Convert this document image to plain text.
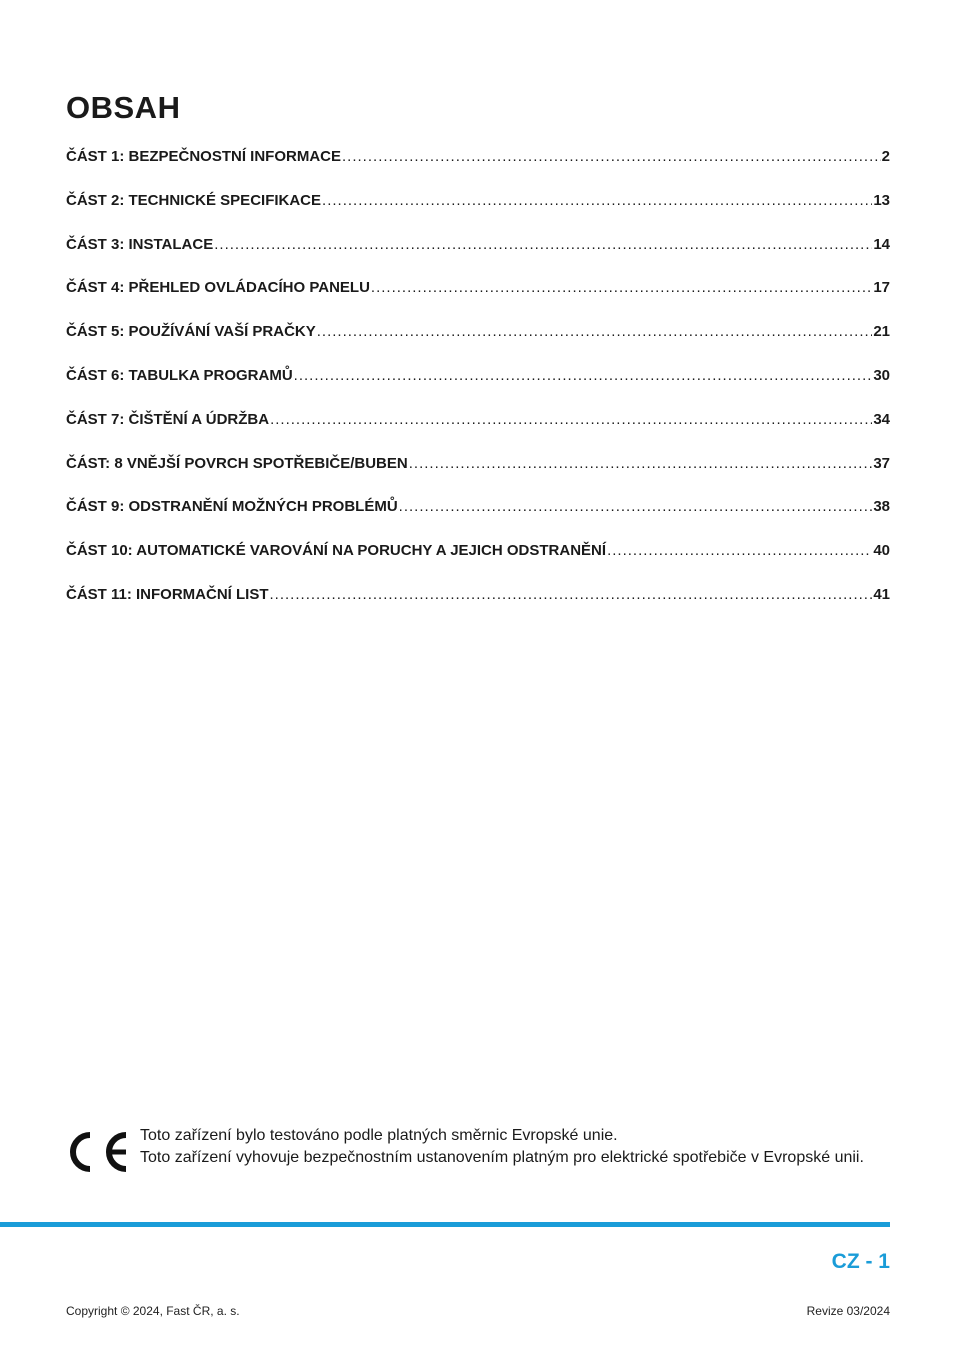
OBSAH
ČÁST 1: BEZPEČNOSTNÍ INFORMACE .....	2
ČÁST 2: TECHNICKÉ SPECIFIKACE .....	13
ČÁST 3: INSTALACE .....	14
ČÁST 4: PŘEHLED OVLÁDACÍHO PANELU .....	17
ČÁST 5: POUŽÍVÁNÍ VAŠÍ PRAČKY .....	21
ČÁST 6: TABULKA PROGRAMŮ .....	30
ČÁST 7: ČIŠTĚNÍ A ÚDRŽBA .....	34
ČÁST: 8 VNĚJŠÍ POVRCH SPOTŘEBIČE/BUBEN .....	37
ČÁST 9: ODSTRANĚNÍ MOŽNÝCH PROBLÉMŮ .....	38
ČÁST 10: AUTOMATICKÉ VAROVÁNÍ NA PORUCHY A JEJICH ODSTRANĚNÍ .....	40
ČÁST 11: INFORMAČNÍ LIST .....	41
Toto zařízení bylo testováno podle platných směrnic Evropské unie.
Toto zařízení vyhovuje bezpečnostním ustanovením platným pro elektrické spotřebiče v Evropské unii.
CZ - 1
Copyright © 2024, Fast ČR, a. s.	Revize 03/2024
